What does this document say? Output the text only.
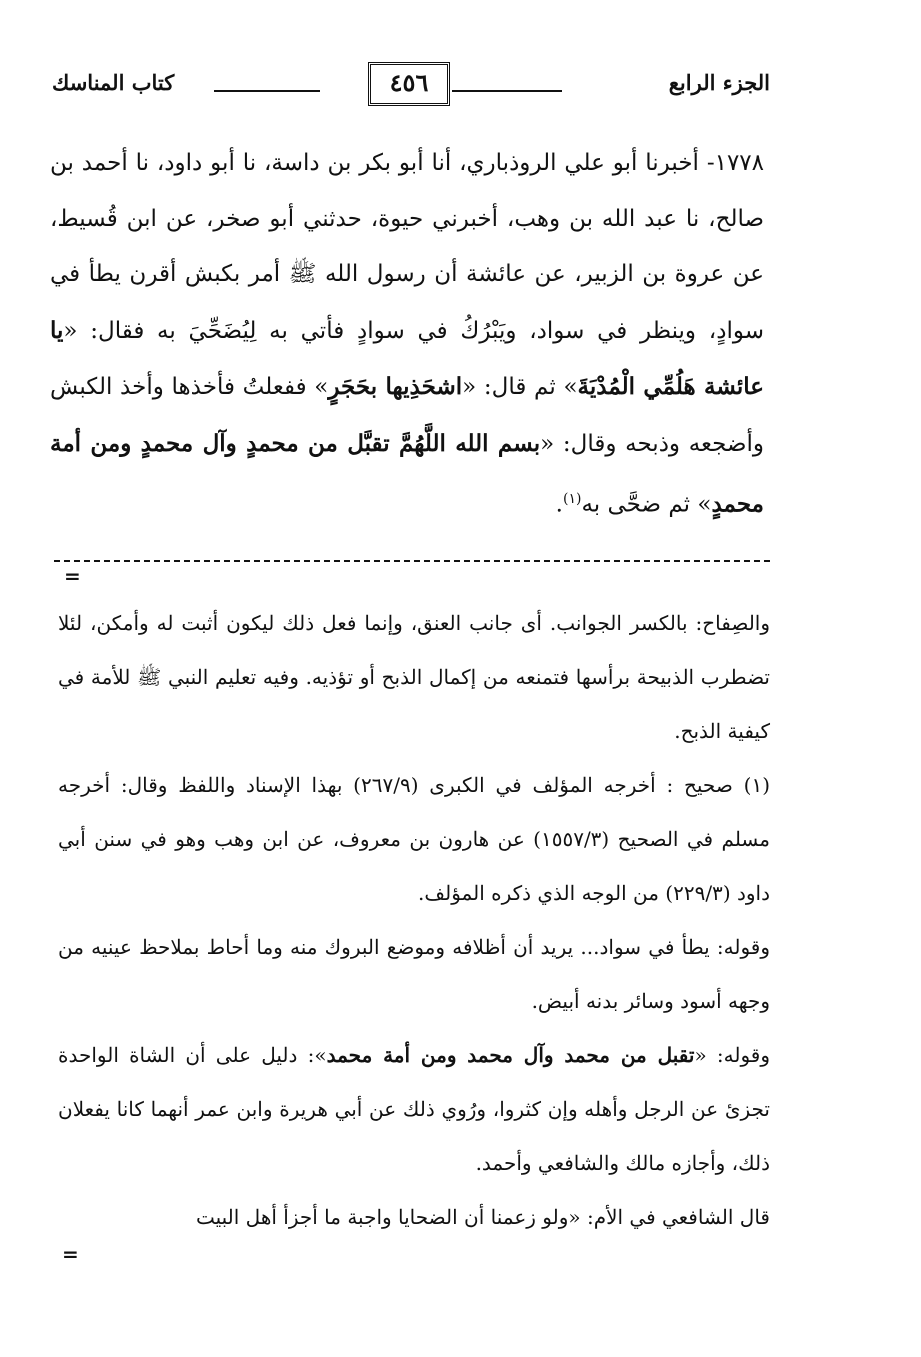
الجزء الرابع
٤٥٦
كتاب المناسك
١٧٧٨- أخبرنا أبو علي الروذباري، أنا أبو بكر بن داسة، نا أبو داود، نا أحمد بن صالح، نا عبد الله بن وهب، أخبرني حيوة، حدثني أبو صخر، عن ابن قُسيط، عن عروة بن الزبير، عن عائشة أن رسول الله ﷺ أمر بكبش أقرن يطأ في سوادٍ، وينظر في سواد، ويَبْرُكُ في سوادٍ فأتي به لِيُضَحِّيَ به فقال: «يا عائشة هَلُمِّي الْمُدْيَةَ» ثم قال: «اشحَذِيها بحَجَرٍ» ففعلتُ فأخذها وأخذ الكبش وأضجعه وذبحه وقال: «بسم الله اللَّهُمَّ تقبَّل من محمدٍ وآل محمدٍ ومن أمة محمدٍ» ثم ضحَّى به$^{(١)}$.
=

والصِفاح: بالكسر الجوانب. أى جانب العنق، وإنما فعل ذلك ليكون أثبت له وأمكن، لئلا تضطرب الذبيحة برأسها فتمنعه من إكمال الذبح أو تؤذيه. وفيه تعليم النبي ﷺ للأمة في كيفية الذبح.

(١) صحيح : أخرجه المؤلف في الكبرى (٢٦٧/٩) بهذا الإسناد واللفظ وقال: أخرجه مسلم في الصحيح (١٥٥٧/٣) عن هارون بن معروف، عن ابن وهب وهو في سنن أبي داود (٢٢٩/٣) من الوجه الذي ذكره المؤلف.

وقوله: يطأ في سواد... يريد أن أظلافه وموضع البروك منه وما أحاط بملاحظ عينيه من وجهه أسود وسائر بدنه أبيض.

وقوله: «تقبل من محمد وآل محمد ومن أمة محمد»: دليل على أن الشاة الواحدة تجزئ عن الرجل وأهله وإن كثروا، ورُوي ذلك عن أبي هريرة وابن عمر أنهما كانا يفعلان ذلك، وأجازه مالك والشافعي وأحمد.

قال الشافعي في الأم: «ولو زعمنا أن الضحايا واجبة ما أجزأ أهل البيت

=
